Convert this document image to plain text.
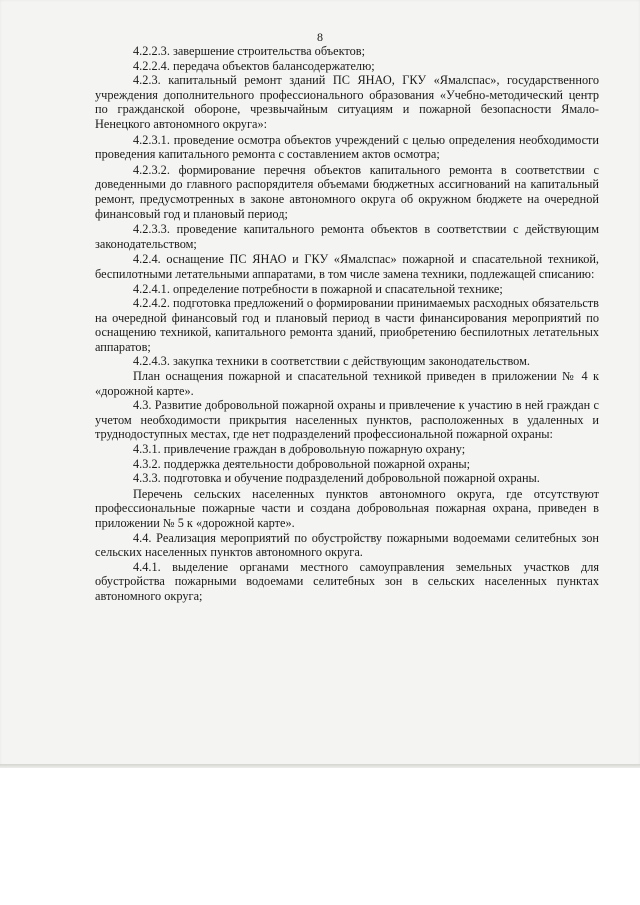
8

4.2.2.3. завершение строительства объектов;

4.2.2.4. передача объектов балансодержателю;

4.2.3. капитальный ремонт зданий ПС ЯНАО, ГКУ «Ямалспас», государственного учреждения дополнительного профессионального образования «Учебно-методический центр по гражданской обороне, чрезвычайным ситуациям и пожарной безопасности Ямало-Ненецкого автономного округа»:

4.2.3.1. проведение осмотра объектов учреждений с целью определения необходимости проведения капитального ремонта с составлением актов осмотра;

4.2.3.2. формирование перечня объектов капитального ремонта в соответствии с доведенными до главного распорядителя объемами бюджетных ассигнований на капитальный ремонт, предусмотренных в законе автономного округа об окружном бюджете на очередной финансовый год и плановый период;

4.2.3.3. проведение капитального ремонта объектов в соответствии с действующим законодательством;

4.2.4. оснащение ПС ЯНАО и ГКУ «Ямалспас» пожарной и спасательной техникой, беспилотными летательными аппаратами, в том числе замена техники, подлежащей списанию:

4.2.4.1. определение потребности в пожарной и спасательной технике;

4.2.4.2. подготовка предложений о формировании принимаемых расходных обязательств на очередной финансовый год и плановый период в части финансирования мероприятий по оснащению техникой, капитального ремонта зданий, приобретению беспилотных летательных аппаратов;

4.2.4.3. закупка техники в соответствии с действующим законодательством.

План оснащения пожарной и спасательной техникой приведен в приложении № 4 к «дорожной карте».

4.3. Развитие добровольной пожарной охраны и привлечение к участию в ней граждан с учетом необходимости прикрытия населенных пунктов, расположенных в удаленных и труднодоступных местах, где нет подразделений профессиональной пожарной охраны:

4.3.1. привлечение граждан в добровольную пожарную охрану;

4.3.2. поддержка деятельности добровольной пожарной охраны;

4.3.3. подготовка и обучение подразделений добровольной пожарной охраны.

Перечень сельских населенных пунктов автономного округа, где отсутствуют профессиональные пожарные части и создана добровольная пожарная охрана, приведен в приложении № 5 к «дорожной карте».

4.4. Реализация мероприятий по обустройству пожарными водоемами селитебных зон сельских населенных пунктов автономного округа.

4.4.1. выделение органами местного самоуправления земельных участков для обустройства пожарными водоемами селитебных зон в сельских населенных пунктах автономного округа;
